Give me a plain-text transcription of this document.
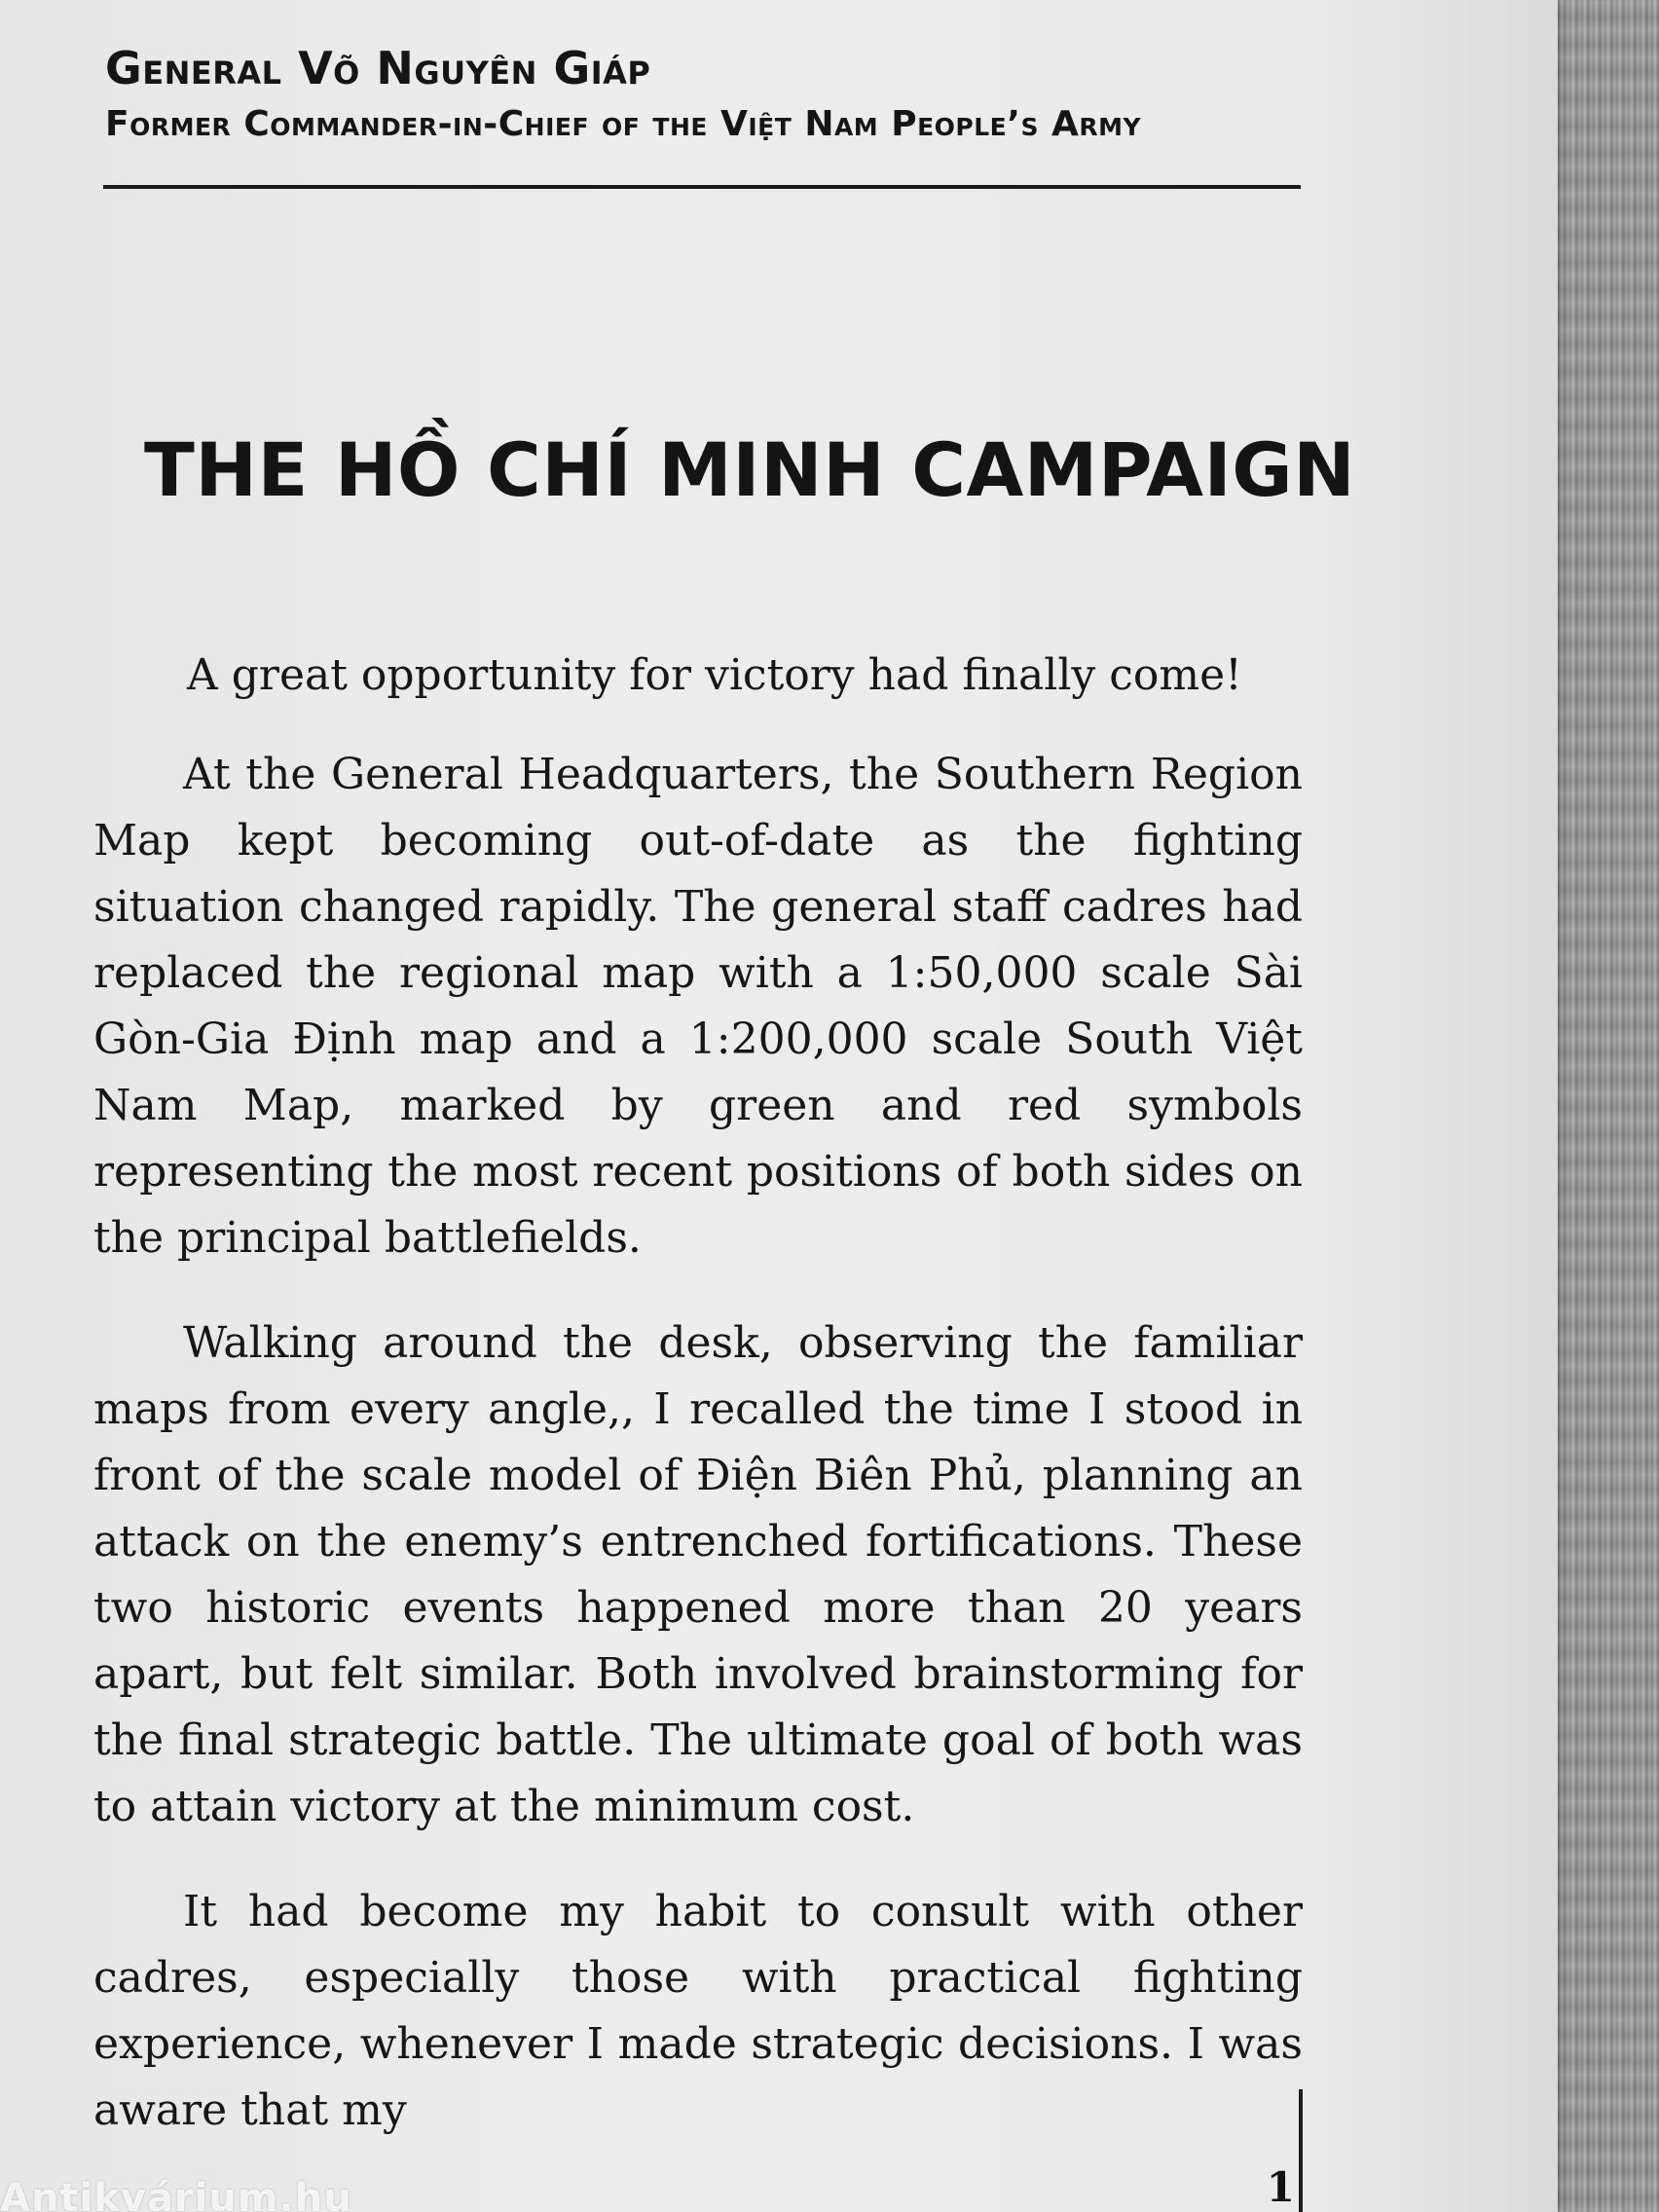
General Võ Nguyên Giáp
Former Commander-in-Chief of the Việt Nam People’s Army
THE HỒ CHÍ MINH CAMPAIGN

A great opportunity for victory had finally come!

At the General Headquarters, the Southern Region Map kept becoming out-of-date as the fighting situation changed rapidly. The general staff cadres had replaced the regional map with a 1:50,000 scale Sài Gòn-Gia Định map and a 1:200,000 scale South Việt Nam Map, marked by green and red symbols representing the most recent positions of both sides on the principal battlefields.

Walking around the desk, observing the familiar maps from every angle,, I recalled the time I stood in front of the scale model of Điện Biên Phủ, planning an attack on the enemy’s entrenched fortifications. These two historic events happened more than 20 years apart, but felt similar. Both involved brainstorming for the final strategic battle. The ultimate goal of both was to attain victory at the minimum cost.

It had become my habit to consult with other cadres, especially those with practical fighting experience, whenever I made strategic decisions. I was aware that my

1
Antikvárium.hu
